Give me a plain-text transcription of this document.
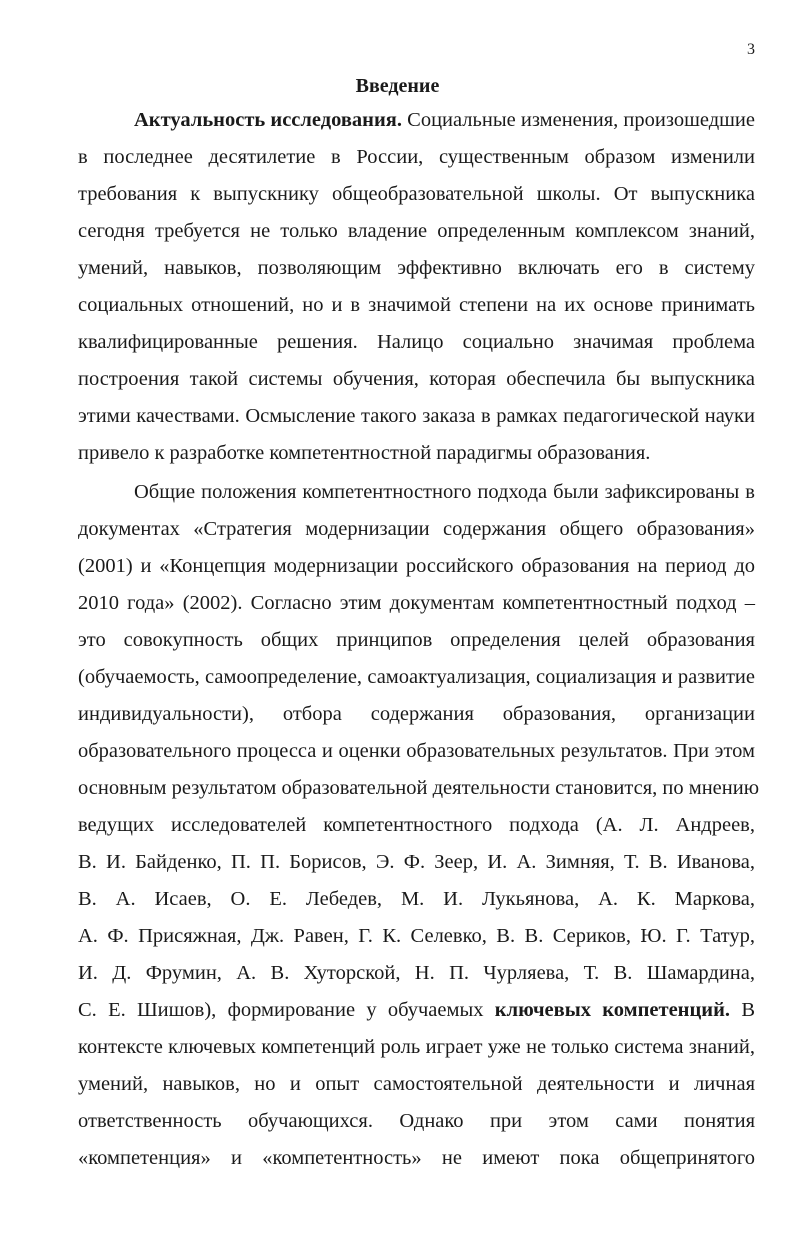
3
Введение
Актуальность исследования. Социальные изменения, произошедшие
в последнее десятилетие в России, существенным образом изменили
требования к выпускнику общеобразовательной школы. От выпускника
сегодня требуется не только владение определенным комплексом знаний,
умений, навыков, позволяющим эффективно включать его в систему
социальных отношений, но и в значимой степени на их основе принимать
квалифицированные решения. Налицо социально значимая проблема
построения такой системы обучения, которая обеспечила бы выпускника
этими качествами. Осмысление такого заказа в рамках педагогической науки
привело к разработке компетентностной парадигмы образования.
Общие положения компетентностного подхода были зафиксированы в
документах «Стратегия модернизации содержания общего образования»
(2001) и «Концепция модернизации российского образования на период до
2010 года» (2002). Согласно этим документам компетентностный подход –
это совокупность общих принципов определения целей образования
(обучаемость, самоопределение, самоактуализация, социализация и развитие
индивидуальности), отбора содержания образования, организации
образовательного процесса и оценки образовательных результатов. При этом
основным результатом образовательной деятельности становится, по мнению
ведущих исследователей компетентностного подхода (А. Л. Андреев,
В. И. Байденко, П. П. Борисов, Э. Ф. Зеер, И. А. Зимняя, Т. В. Иванова,
В. А. Исаев, О. Е. Лебедев, М. И. Лукьянова, А. К. Маркова,
А. Ф. Присяжная, Дж. Равен, Г. К. Селевко, В. В. Сериков, Ю. Г. Татур,
И. Д. Фрумин, А. В. Хуторской, Н. П. Чурляева, Т. В. Шамардина,
С. Е. Шишов), формирование у обучаемых ключевых компетенций. В
контексте ключевых компетенций роль играет уже не только система знаний,
умений, навыков, но и опыт самостоятельной деятельности и личная
ответственность обучающихся. Однако при этом сами понятия
«компетенция» и «компетентность» не имеют пока общепринятого
